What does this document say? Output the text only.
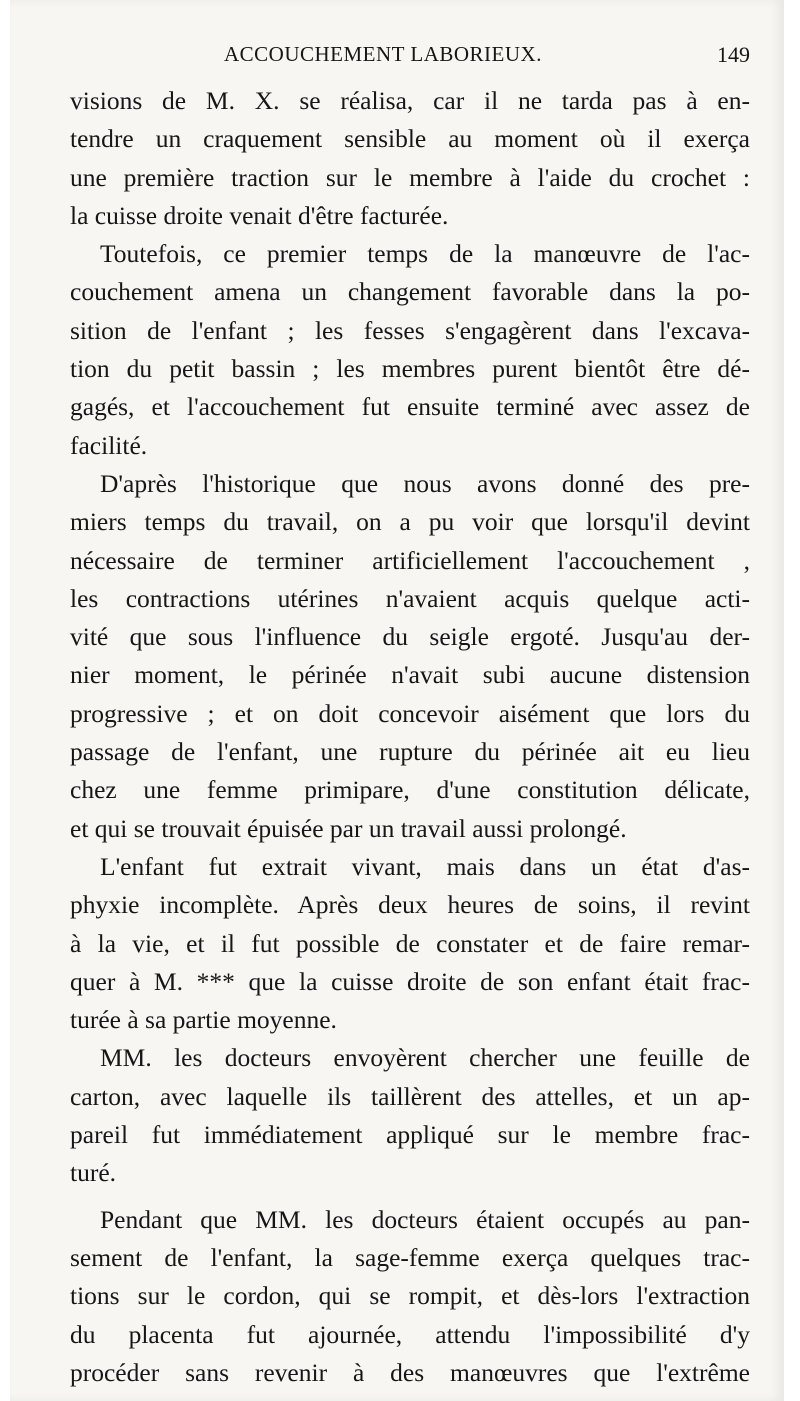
ACCOUCHEMENT LABORIEUX.	149
visions de M. X. se réalisa, car il ne tarda pas à en-
tendre un craquement sensible au moment où il exerça
une première traction sur le membre à l'aide du crochet :
la cuisse droite venait d'être facturée.
Toutefois, ce premier temps de la manœuvre de l'ac-
couchement amena un changement favorable dans la po-
sition de l'enfant ; les fesses s'engagèrent dans l'excava-
tion du petit bassin ; les membres purent bientôt être dé-
gagés, et l'accouchement fut ensuite terminé avec assez de
facilité.
D'après l'historique que nous avons donné des pre-
miers temps du travail, on a pu voir que lorsqu'il devint
nécessaire de terminer artificiellement l'accouchement ,
les contractions utérines n'avaient acquis quelque acti-
vité que sous l'influence du seigle ergoté. Jusqu'au der-
nier moment, le périnée n'avait subi aucune distension
progressive ; et on doit concevoir aisément que lors du
passage de l'enfant, une rupture du périnée ait eu lieu
chez une femme primipare, d'une constitution délicate,
et qui se trouvait épuisée par un travail aussi prolongé.
L'enfant fut extrait vivant, mais dans un état d'as-
phyxie incomplète. Après deux heures de soins, il revint
à la vie, et il fut possible de constater et de faire remar-
quer à M. *** que la cuisse droite de son enfant était frac-
turée à sa partie moyenne.
MM. les docteurs envoyèrent chercher une feuille de
carton, avec laquelle ils taillèrent des attelles, et un ap-
pareil fut immédiatement appliqué sur le membre frac-
turé.
Pendant que MM. les docteurs étaient occupés au pan-
sement de l'enfant, la sage-femme exerça quelques trac-
tions sur le cordon, qui se rompit, et dès-lors l'extraction
du placenta fut ajournée, attendu l'impossibilité d'y
procéder sans revenir à des manœuvres que l'extrême
